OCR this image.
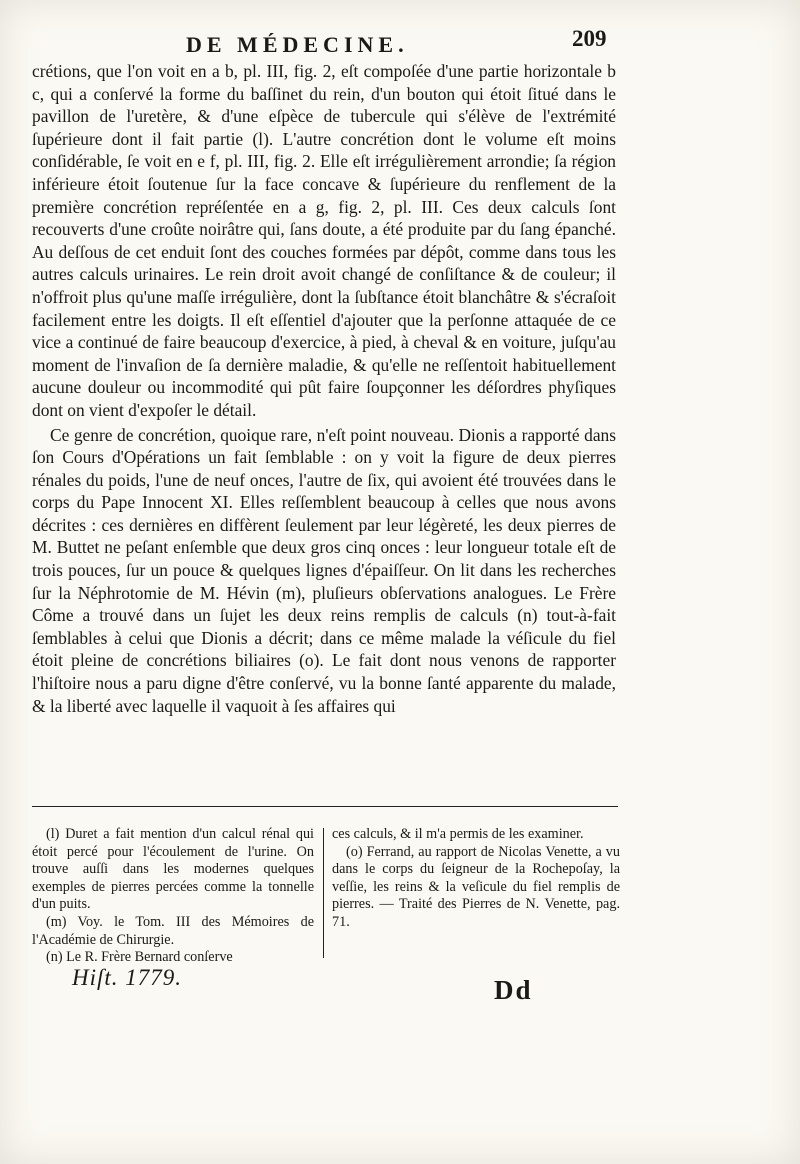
DE MÉDECINE.	209

crétions, que l'on voit en a b, pl. III, fig. 2, eſt compoſée d'une partie horizontale b c, qui a conſervé la forme du baſſinet du rein, d'un bouton qui étoit ſitué dans le pavillon de l'uretère, & d'une eſpèce de tubercule qui s'élève de l'extrémité ſupérieure dont il fait partie (l). L'autre concrétion dont le volume eſt moins conſidérable, ſe voit en e f, pl. III, fig. 2. Elle eſt irrégulièrement arrondie; ſa région inférieure étoit ſoutenue ſur la face concave & ſupérieure du renflement de la première concrétion repréſentée en a g, fig. 2, pl. III. Ces deux calculs ſont recouverts d'une croûte noirâtre qui, ſans doute, a été produite par du ſang épanché. Au deſſous de cet enduit ſont des couches formées par dépôt, comme dans tous les autres calculs urinaires. Le rein droit avoit changé de conſiſtance & de couleur; il n'offroit plus qu'une maſſe irrégulière, dont la ſubſtance étoit blanchâtre & s'écraſoit facilement entre les doigts. Il eſt eſſentiel d'ajouter que la perſonne attaquée de ce vice a continué de faire beaucoup d'exercice, à pied, à cheval & en voiture, juſqu'au moment de l'invaſion de ſa dernière maladie, & qu'elle ne reſſentoit habituellement aucune douleur ou incommodité qui pût faire ſoupçonner les déſordres phyſiques dont on vient d'expoſer le détail.

Ce genre de concrétion, quoique rare, n'eſt point nouveau. Dionis a rapporté dans ſon Cours d'Opérations un fait ſemblable : on y voit la figure de deux pierres rénales du poids, l'une de neuf onces, l'autre de ſix, qui avoient été trouvées dans le corps du Pape Innocent XI. Elles reſſemblent beaucoup à celles que nous avons décrites : ces dernières en diffèrent ſeulement par leur légèreté, les deux pierres de M. Buttet ne peſant enſemble que deux gros cinq onces : leur longueur totale eſt de trois pouces, ſur un pouce & quelques lignes d'épaiſſeur. On lit dans les recherches ſur la Néphrotomie de M. Hévin (m), pluſieurs obſervations analogues. Le Frère Côme a trouvé dans un ſujet les deux reins remplis de calculs (n) tout-à-fait ſemblables à celui que Dionis a décrit; dans ce même malade la véſicule du fiel étoit pleine de concrétions biliaires (o). Le fait dont nous venons de rapporter l'hiſtoire nous a paru digne d'être conſervé, vu la bonne ſanté apparente du malade, & la liberté avec laquelle il vaquoit à ſes affaires qui

(l) Duret a fait mention d'un calcul rénal qui étoit percé pour l'écoulement de l'urine. On trouve auſſi dans les modernes quelques exemples de pierres percées comme la tonnelle d'un puits.

(m) Voy. le Tom. III des Mémoires de l'Académie de Chirurgie.

(n) Le R. Frère Bernard conſerve

ces calculs, & il m'a permis de les examiner.

(o) Ferrand, au rapport de Nicolas Venette, a vu dans le corps du ſeigneur de la Rochepoſay, la veſſie, les reins & la veſicule du fiel remplis de pierres. — Traité des Pierres de N. Venette, pag. 71.

Hiſt. 1779.	Dd
